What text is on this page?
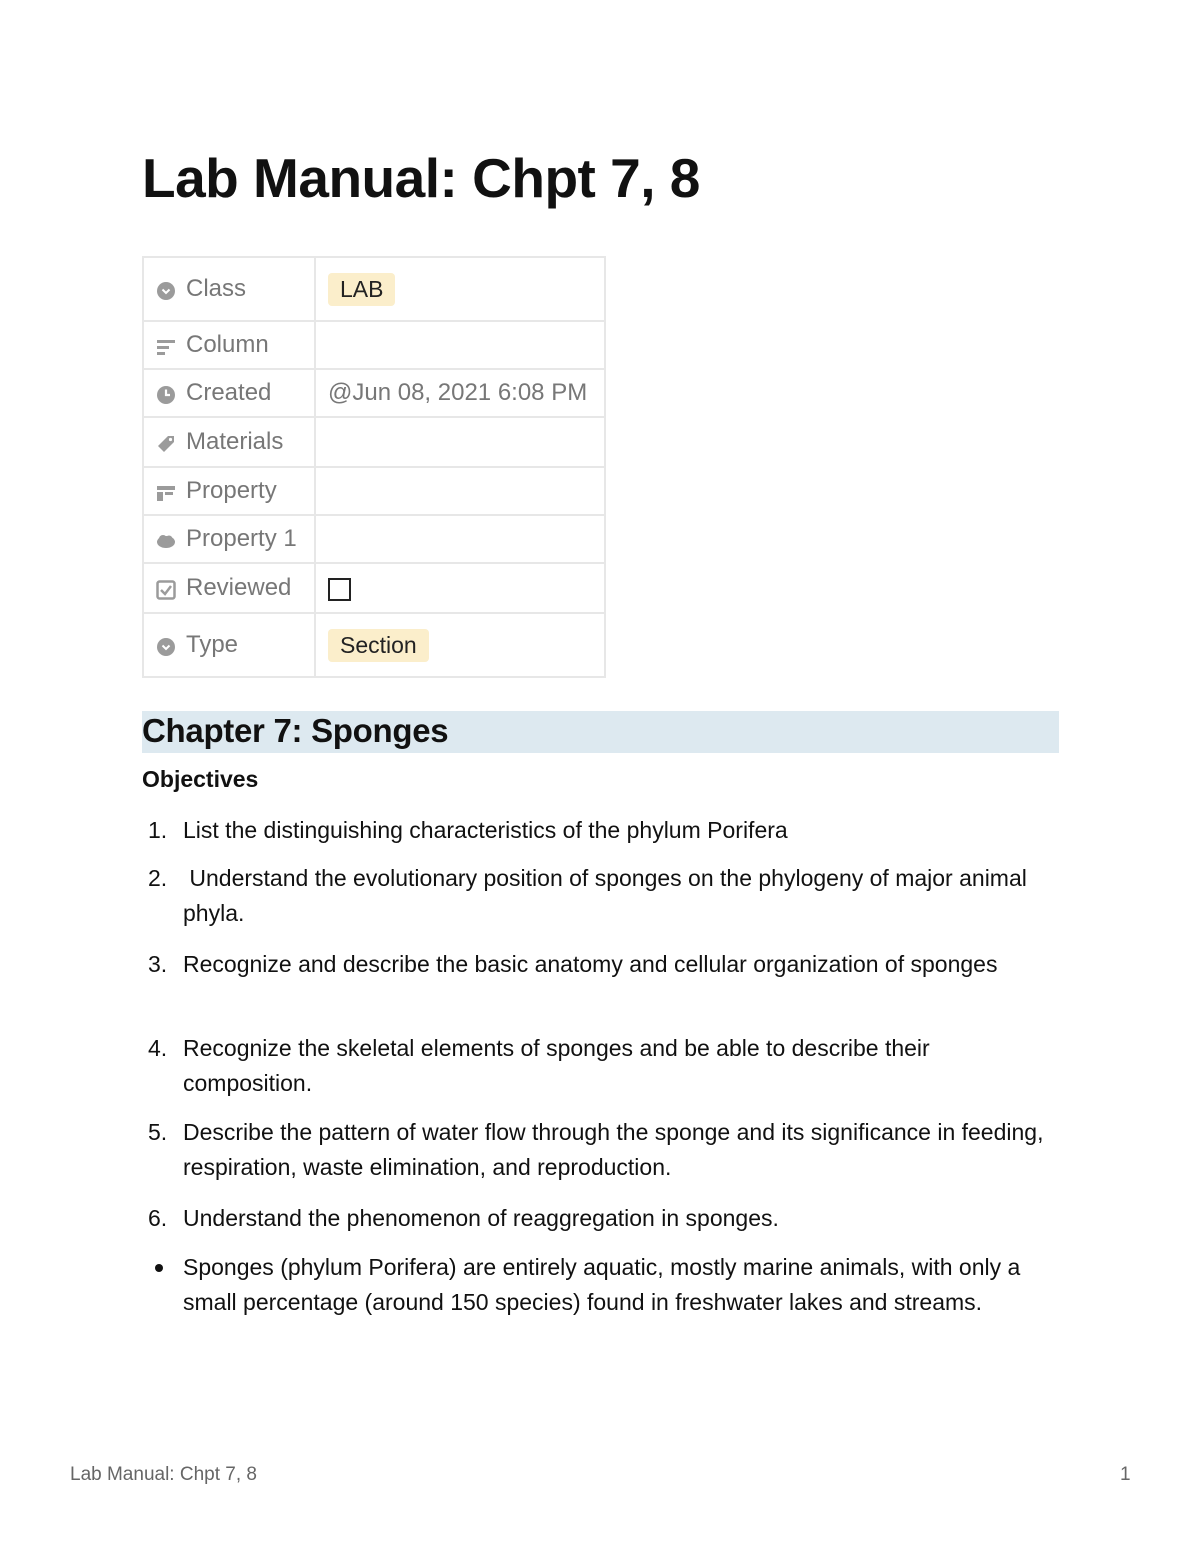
Lab Manual: Chpt 7, 8
Class	LAB

Column	

Created	@Jun 08, 2021 6:08 PM

Materials	

Property	

Property 1	

Reviewed	

Type	Section
Chapter 7: Sponges
Objectives
1. List the distinguishing characteristics of the phylum Porifera
2. Understand the evolutionary position of sponges on the phylogeny of major animal phyla.
3. Recognize and describe the basic anatomy and cellular organization of sponges
4. Recognize the skeletal elements of sponges and be able to describe their composition.
5. Describe the pattern of water flow through the sponge and its significance in feeding, respiration, waste elimination, and reproduction.
6. Understand the phenomenon of reaggregation in sponges.
Sponges (phylum Porifera) are entirely aquatic, mostly marine animals, with only a small percentage (around 150 species) found in freshwater lakes and streams.
Lab Manual: Chpt 7, 8	1
